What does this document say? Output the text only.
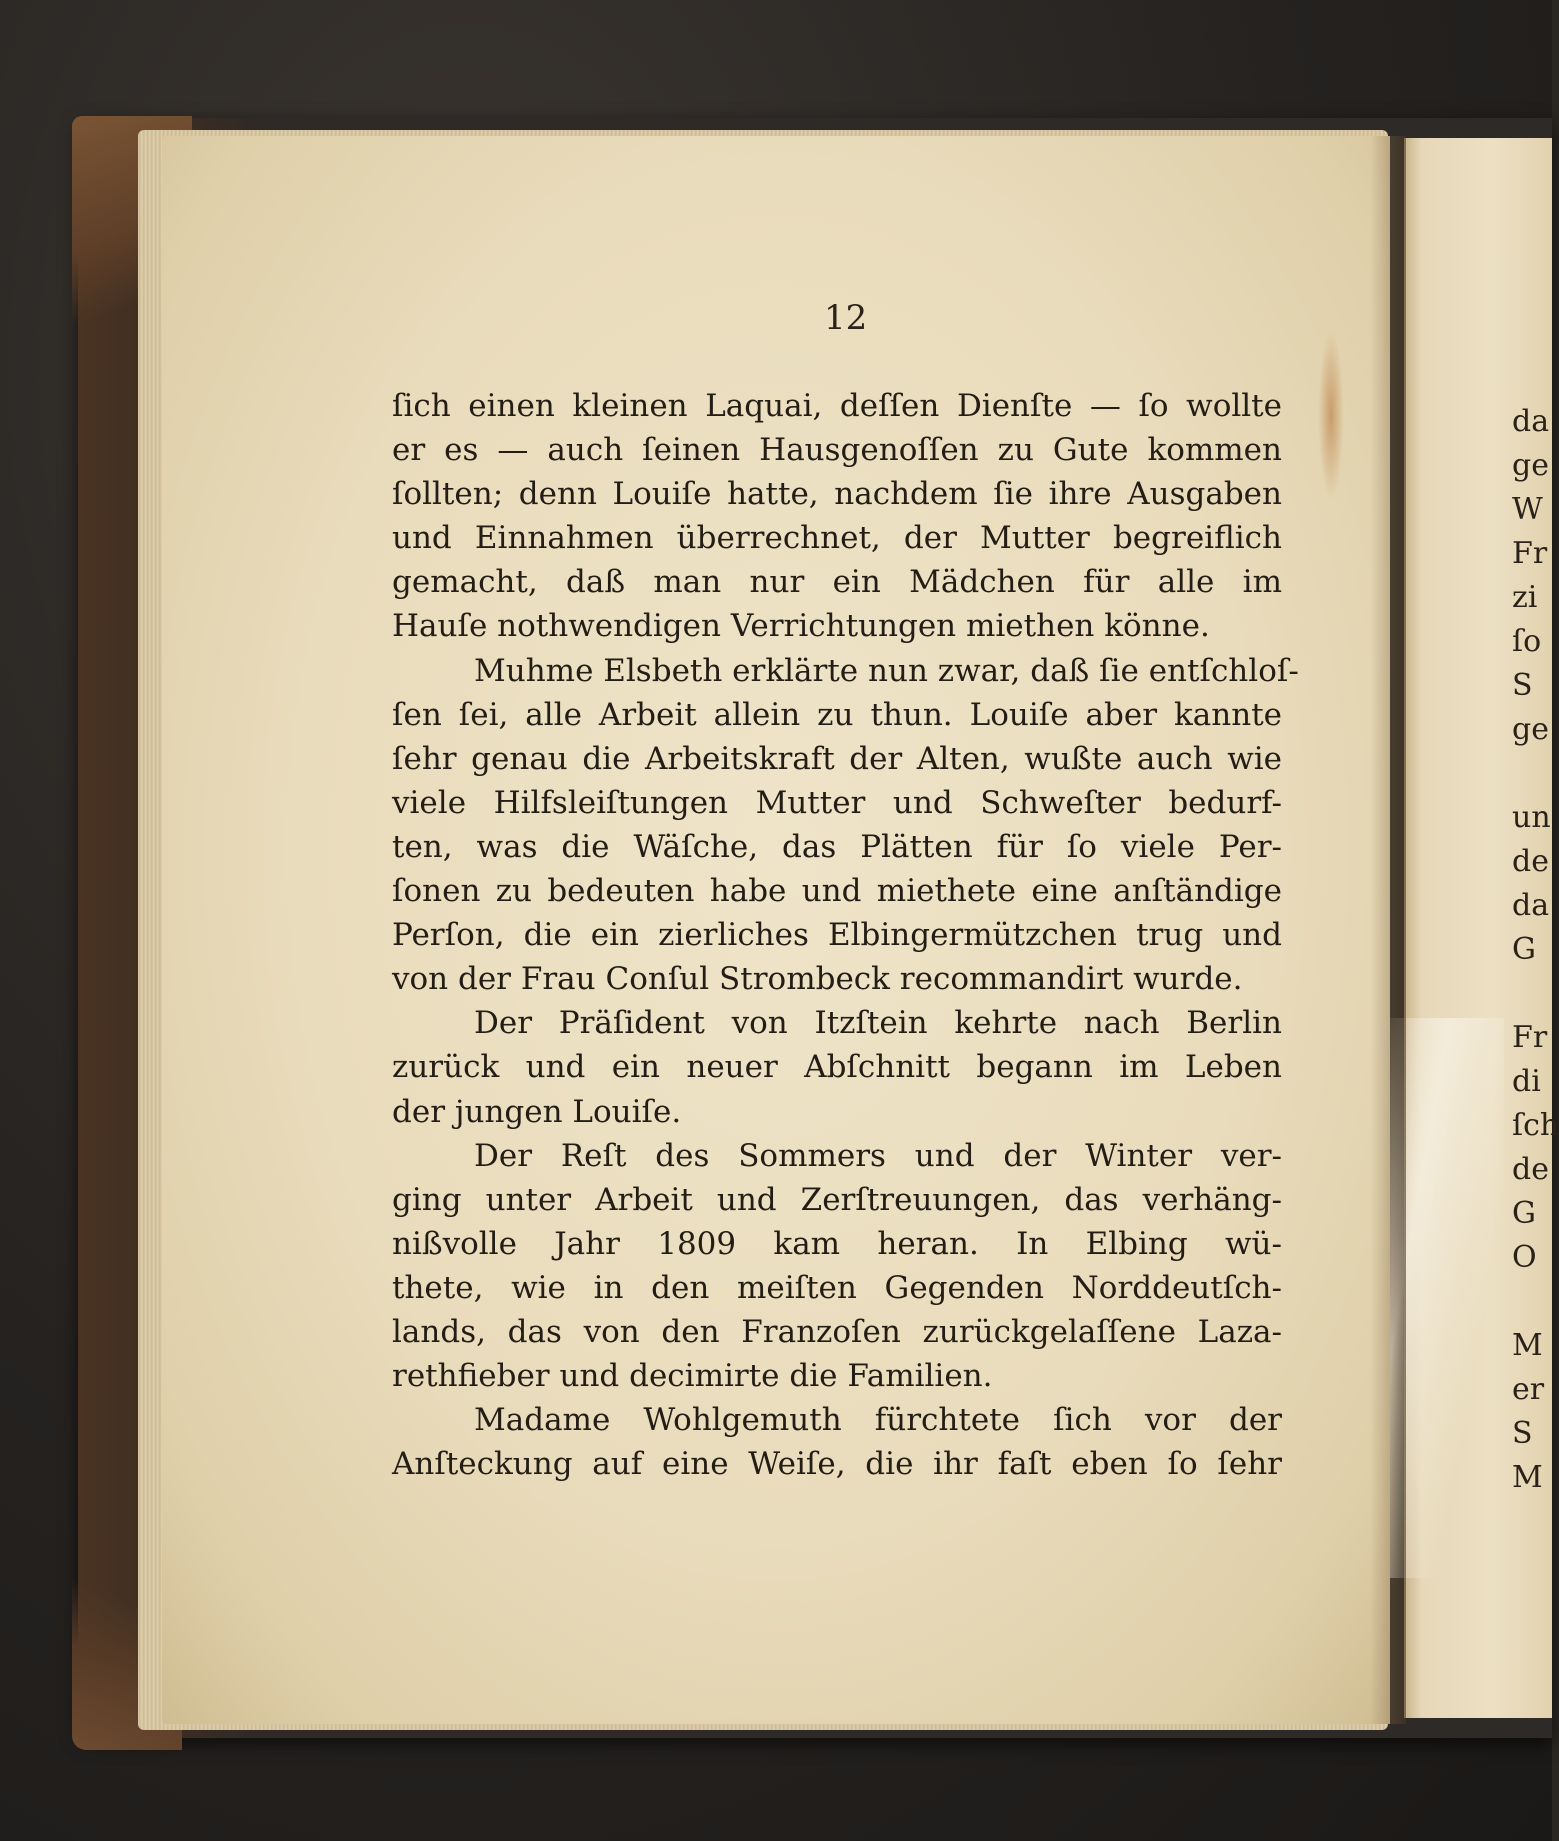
12
ſich einen kleinen Laquai, deſſen Dienſte — ſo wollte
er es — auch ſeinen Hausgenoſſen zu Gute kommen
ſollten; denn Louiſe hatte, nachdem ſie ihre Ausgaben
und Einnahmen überrechnet, der Mutter begreiflich
gemacht, daß man nur ein Mädchen für alle im
Hauſe nothwendigen Verrichtungen miethen könne.
Muhme Elsbeth erklärte nun zwar, daß ſie entſchloſ-
ſen ſei, alle Arbeit allein zu thun. Louiſe aber kannte
ſehr genau die Arbeitskraft der Alten, wußte auch wie
viele Hilfsleiſtungen Mutter und Schweſter bedurf-
ten, was die Wäſche, das Plätten für ſo viele Per-
ſonen zu bedeuten habe und miethete eine anſtändige
Perſon, die ein zierliches Elbingermützchen trug und
von der Frau Conſul Strombeck recommandirt wurde.
Der Präſident von Itzſtein kehrte nach Berlin
zurück und ein neuer Abſchnitt begann im Leben
der jungen Louiſe.
Der Reſt des Sommers und der Winter ver-
ging unter Arbeit und Zerſtreuungen, das verhäng-
nißvolle Jahr 1809 kam heran. In Elbing wü-
thete, wie in den meiſten Gegenden Norddeutſch-
lands, das von den Franzoſen zurückgelaſſene Laza-
rethfieber und decimirte die Familien.
Madame Wohlgemuth fürchtete ſich vor der
Anſteckung auf eine Weiſe, die ihr faſt eben ſo ſehr
da
ge
W
Fr
zi
ſo
S
ge
un
de
da
G
Fr
di
ſch
de
G
O
M
er
S
M
